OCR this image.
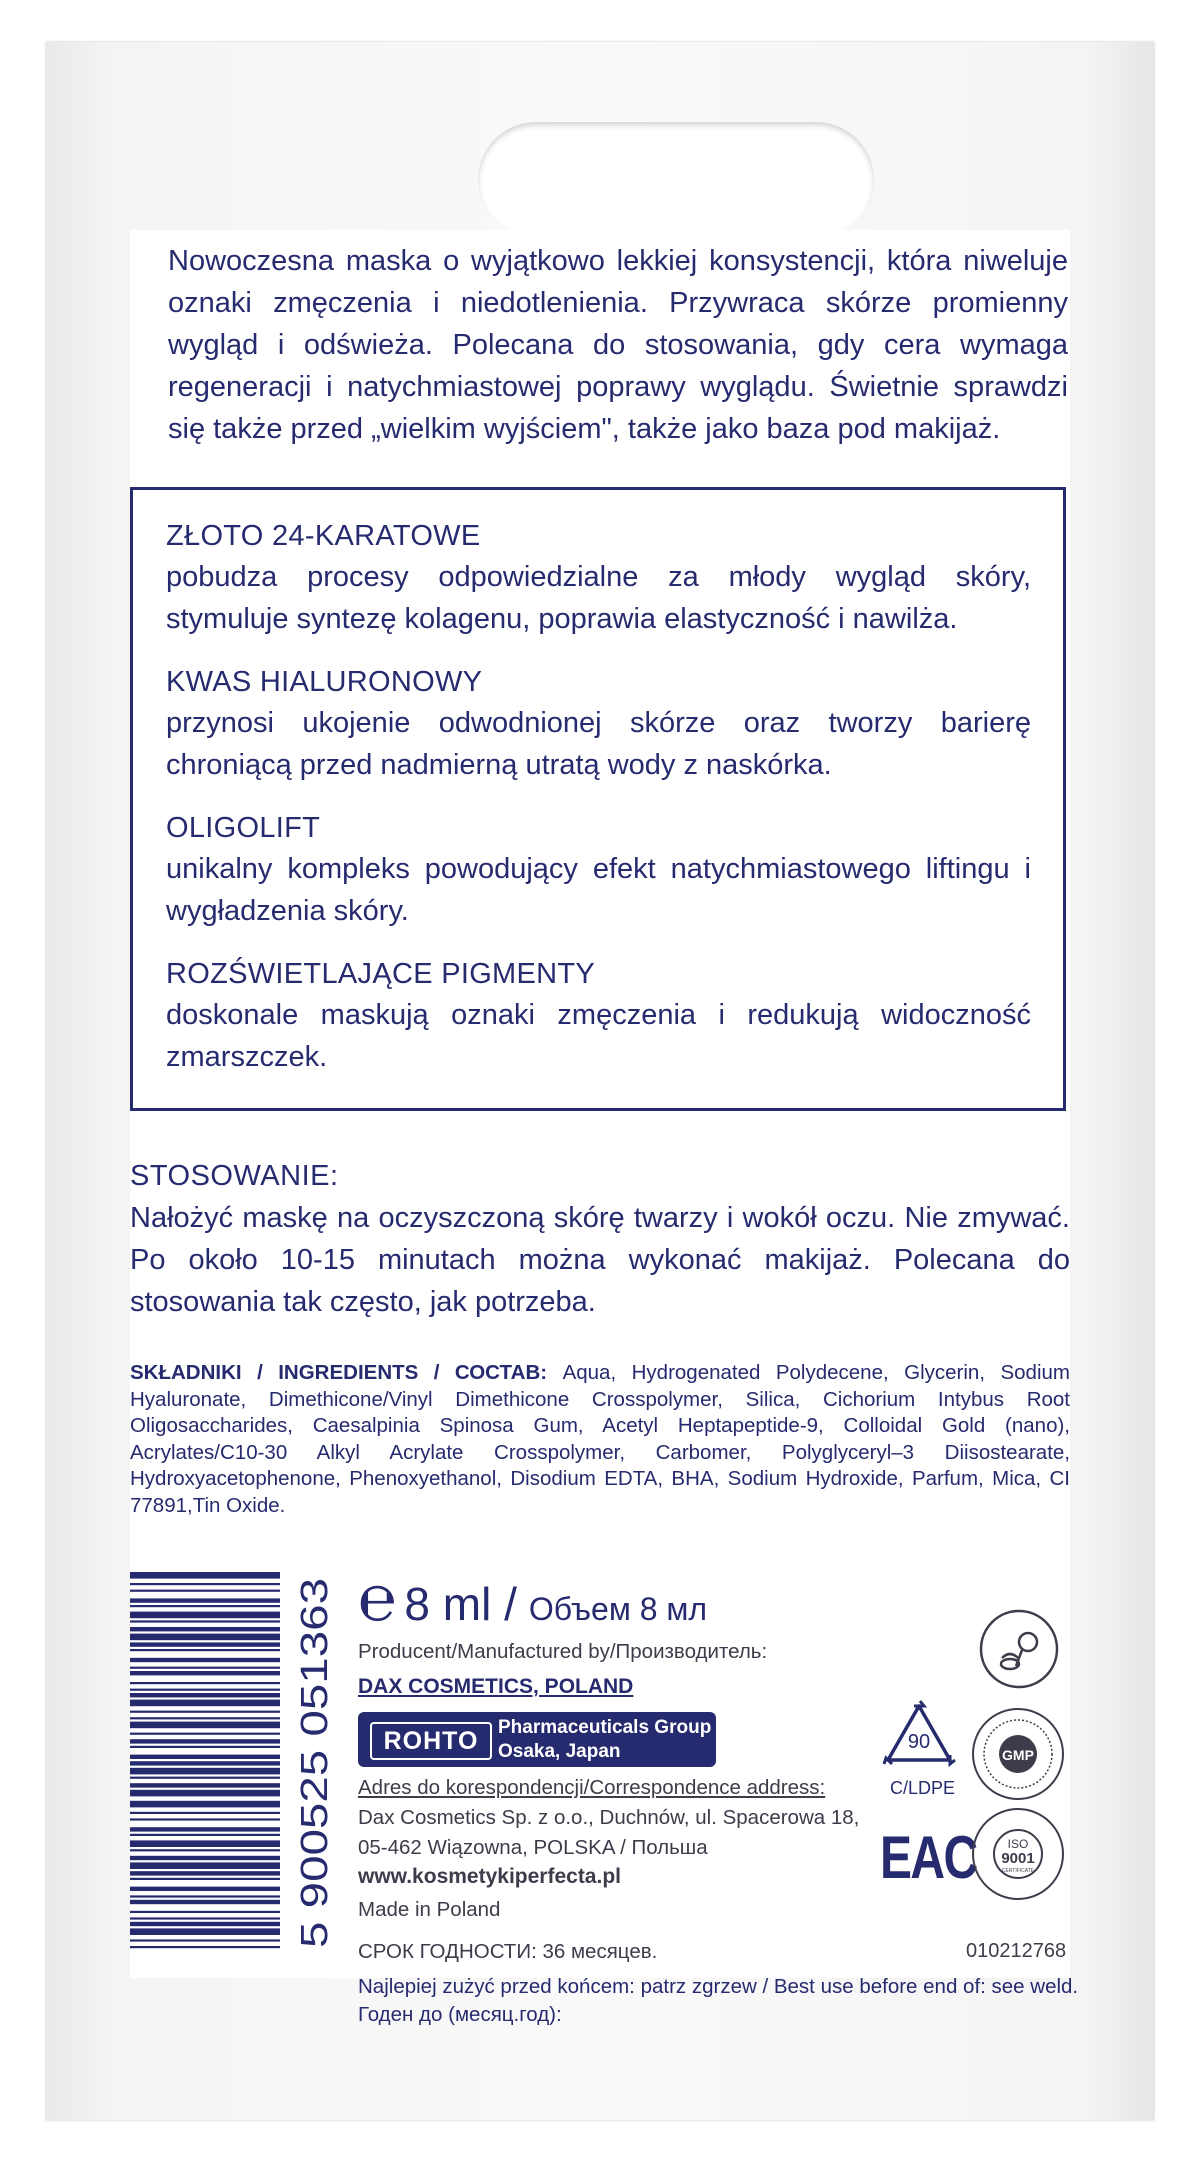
Nowoczesna maska o wyjątkowo lekkiej konsystencji, która niweluje oznaki zmęczenia i niedotlenienia. Przywraca skórze promienny wygląd i odświeża. Polecana do stosowania, gdy cera wymaga regeneracji i natychmiastowej poprawy wyglądu. Świetnie sprawdzi się także przed „wielkim wyjściem", także jako baza pod makijaż.

ZŁOTO 24-KARATOWE
pobudza procesy odpowiedzialne za młody wygląd skóry, stymuluje syntezę kolagenu, poprawia elastyczność i nawilża.
KWAS HIALURONOWY
przynosi ukojenie odwodnionej skórze oraz tworzy barierę chroniącą przed nadmierną utratą wody z naskórka.
OLIGOLIFT
unikalny kompleks powodujący efekt natychmiastowego liftingu i wygładzenia skóry.
ROZŚWIETLAJĄCE PIGMENTY
doskonale maskują oznaki zmęczenia i redukują widoczność zmarszczek.
STOSOWANIE:
Nałożyć maskę na oczyszczoną skórę twarzy i wokół oczu. Nie zmywać. Po około 10-15 minutach można wykonać makijaż. Polecana do stosowania tak często, jak potrzeba.
SKŁADNIKI / INGREDIENTS / СОСТАВ: Aqua, Hydrogenated Polydecene, Glycerin, Sodium Hyaluronate, Dimethicone/Vinyl Dimethicone Crosspolymer, Silica, Cichorium Intybus Root Oligosaccharides, Caesalpinia Spinosa Gum, Acetyl Heptapeptide-9, Colloidal Gold (nano), Acrylates/C10-30 Alkyl Acrylate Crosspolymer, Carbomer, Polyglyceryl–3 Diisostearate, Hydroxyacetophenone, Phenoxyethanol, Disodium EDTA, BHA, Sodium Hydroxide, Parfum, Mica, CI 77891,Tin Oxide.
5 900525 051363
℮ 8 ml / Объем 8 мл
Producent/Manufactured by/Производитель:
DAX COSMETICS, POLAND
ROHTO	Pharmaceuticals Group
Osaka, Japan
Adres do korespondencji/Correspondence address:
Dax Cosmetics Sp. z o.o., Duchnów, ul. Spacerowa 18,
05-462 Wiązowna, POLSKA / Польша
www.kosmetykiperfecta.pl
Made in Poland
СРОК ГОДНОСТИ: 36 месяцев.	010212768
Najlepiej zużyć przed końcem: patrz zgrzew / Best use before end of: see weld.
Годен до (месяц.год):
90
C/LDPE
GMP
EAC	ISO
9001
CERTIFICATE
